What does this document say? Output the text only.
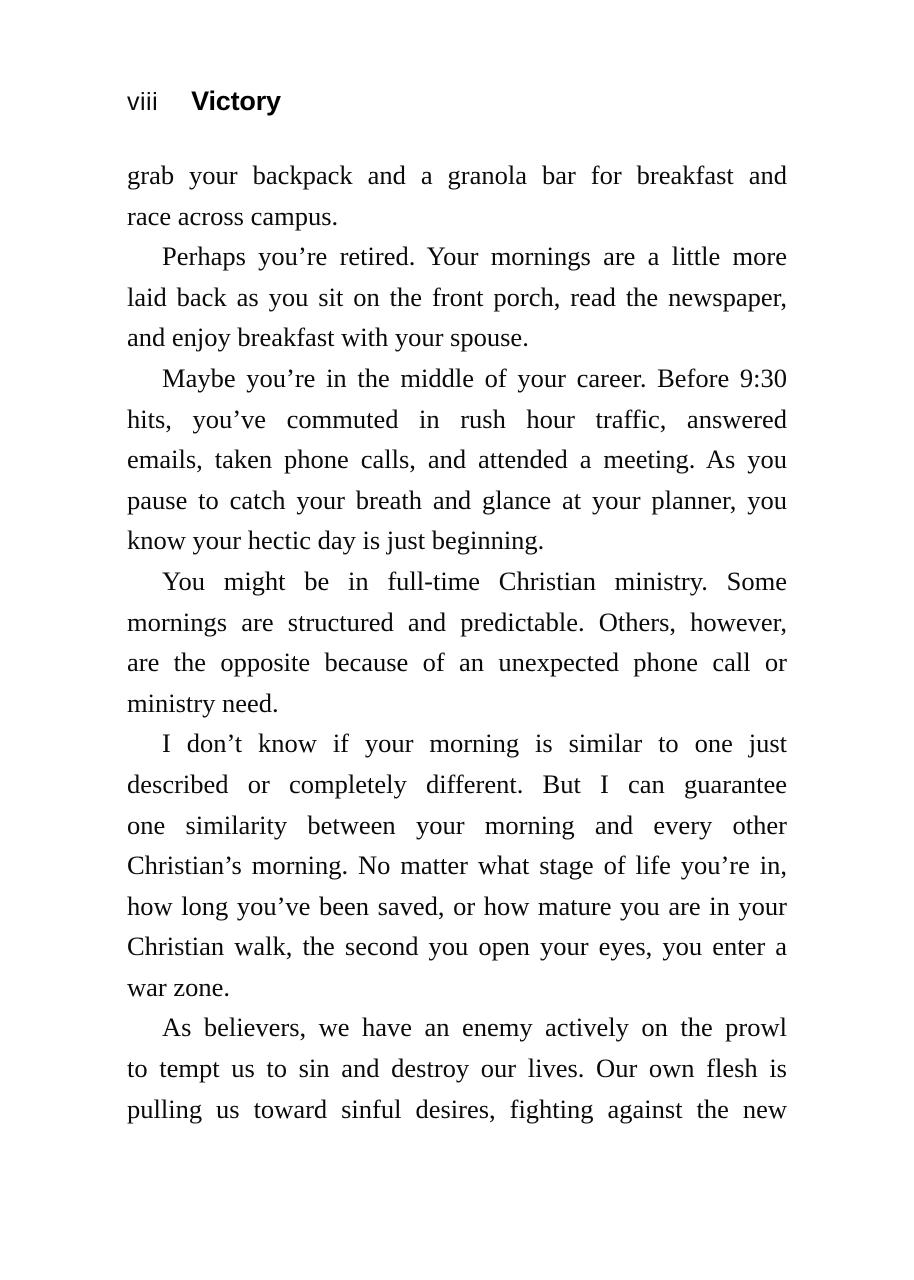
viii Victory
grab your backpack and a granola bar for breakfast and
race across campus.
Perhaps you’re retired. Your mornings are a little more
laid back as you sit on the front porch, read the newspaper,
and enjoy breakfast with your spouse.
Maybe you’re in the middle of your career. Before 9:30
hits, you’ve commuted in rush hour traffic, answered
emails, taken phone calls, and attended a meeting. As you
pause to catch your breath and glance at your planner, you
know your hectic day is just beginning.
You might be in full-time Christian ministry. Some
mornings are structured and predictable. Others, however,
are the opposite because of an unexpected phone call or
ministry need.
I don’t know if your morning is similar to one just
described or completely different. But I can guarantee
one similarity between your morning and every other
Christian’s morning. No matter what stage of life you’re in,
how long you’ve been saved, or how mature you are in your
Christian walk, the second you open your eyes, you enter a
war zone.
As believers, we have an enemy actively on the prowl
to tempt us to sin and destroy our lives. Our own flesh is
pulling us toward sinful desires, fighting against the new
